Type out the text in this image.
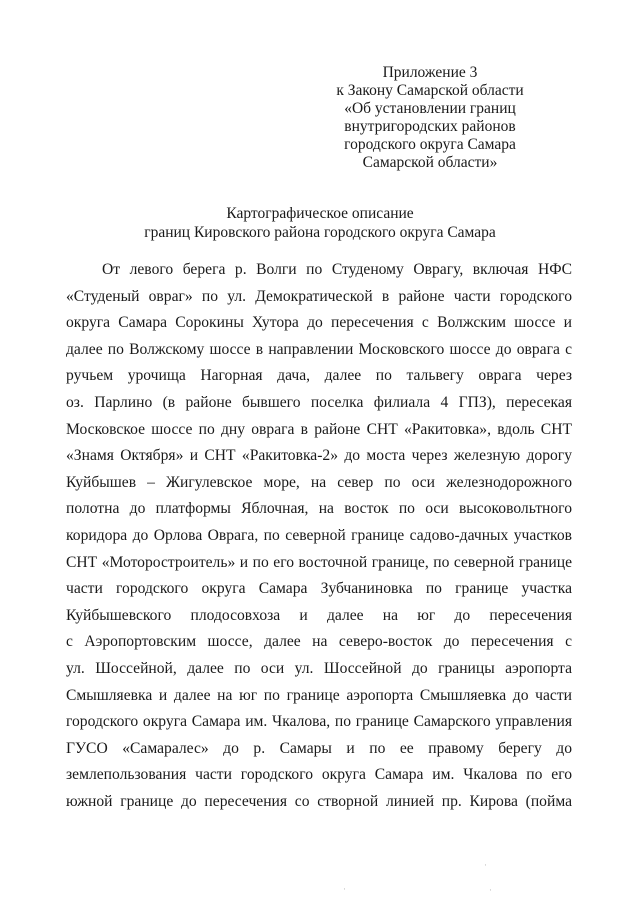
Приложение 3
к Закону Самарской области
«Об установлении границ
внутригородских районов
городского округа Самара
Самарской области»
Картографическое описание
границ Кировского района городского округа Самара
От левого берега р. Волги по Студеному Оврагу, включая НФС
«Студеный овраг» по ул. Демократической в районе части городского
округа Самара Сорокины Хутора до пересечения с Волжским шоссе и
далее по Волжскому шоссе в направлении Московского шоссе до оврага с
ручьем урочища Нагорная дача, далее по тальвегу оврага через
оз. Парлино (в районе бывшего поселка филиала 4 ГПЗ), пересекая
Московское шоссе по дну оврага в районе СНТ «Ракитовка», вдоль СНТ
«Знамя Октября» и СНТ «Ракитовка-2» до моста через железную дорогу
Куйбышев – Жигулевское море, на север по оси железнодорожного
полотна до платформы Яблочная, на восток по оси высоковольтного
коридора до Орлова Оврага, по северной границе садово-дачных участков
СНТ «Моторостроитель» и по его восточной границе, по северной границе
части городского округа Самара Зубчаниновка по границе участка
Куйбышевского плодосовхоза и далее на юг до пересечения
с Аэропортовским шоссе, далее на северо-восток до пересечения с
ул. Шоссейной, далее по оси ул. Шоссейной до границы аэропорта
Смышляевка и далее на юг по границе аэропорта Смышляевка до части
городского округа Самара им. Чкалова, по границе Самарского управления
ГУСО «Самаралес» до р. Самары и по ее правому берегу до
землепользования части городского округа Самара им. Чкалова по его
южной границе до пересечения со створной линией пр. Кирова (пойма
·
·	·
